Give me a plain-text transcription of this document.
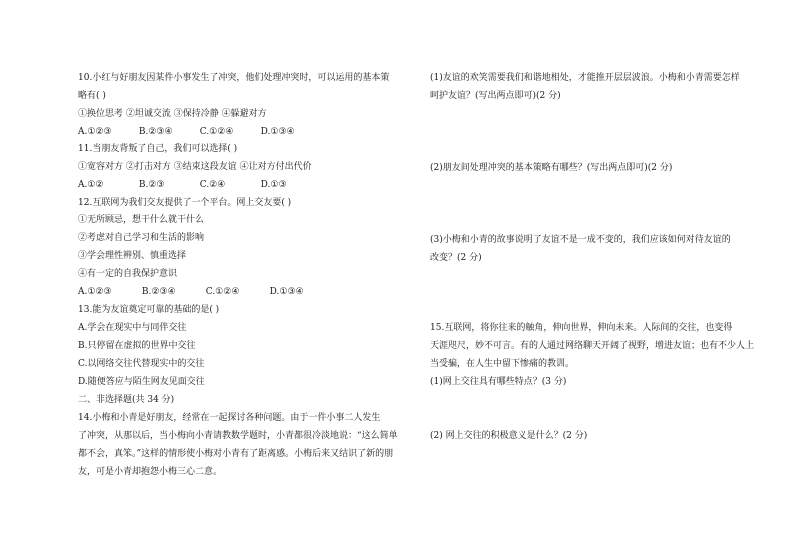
10.小红与好朋友因某件小事发生了冲突，他们处理冲突时，可以运用的基本策
略有( )
①换位思考 ②坦诚交流 ③保持冷静 ④躲避对方
A.①②③	B.②③④	C.①②④	D.①③④
11.当朋友背叛了自己，我们可以选择( )
①宽容对方 ②打击对方 ③结束这段友谊 ④让对方付出代价
A.①②	B.②③	C.②④	D.①③
12.互联网为我们交友提供了一个平台。网上交友要( )
①无所顾忌，想干什么就干什么
②考虑对自己学习和生活的影响
③学会理性辨别、慎重选择
④有一定的自我保护意识
A.①②③	B.②③④	C.①②④	D.①③④
13.能为友谊奠定可靠的基础的是( )
A.学会在现实中与同伴交往
B.只停留在虚拟的世界中交往
C.以网络交往代替现实中的交往
D.随便答应与陌生网友见面交往
二、非选择题(共 34 分)
14.小梅和小青是好朋友，经常在一起探讨各种问题。由于一件小事二人发生
了冲突，从那以后，当小梅向小青请教数学题时，小青都很冷淡地说：“这么简单
都不会，真笨。”这样的情形使小梅对小青有了距离感。小梅后来又结识了新的朋
友，可是小青却抱怨小梅三心二意。
(1)友谊的欢笑需要我们和谐地相处，才能推开层层波浪。小梅和小青需要怎样
呵护友谊？(写出两点即可)(2 分)
(2)朋友间处理冲突的基本策略有哪些？(写出两点即可)(2 分)
(3)小梅和小青的故事说明了友谊不是一成不变的，我们应该如何对待友谊的
改变？(2 分)
15.互联网，将你往来的触角，伸向世界，伸向未来。人际间的交往，也变得
天涯咫尺，妙不可言。有的人通过网络聊天开阔了视野，增进友谊；也有不少人上
当受骗，在人生中留下惨痛的教训。
(1)网上交往具有哪些特点？(3 分)
(2) 网上交往的积极意义是什么？(2 分)
